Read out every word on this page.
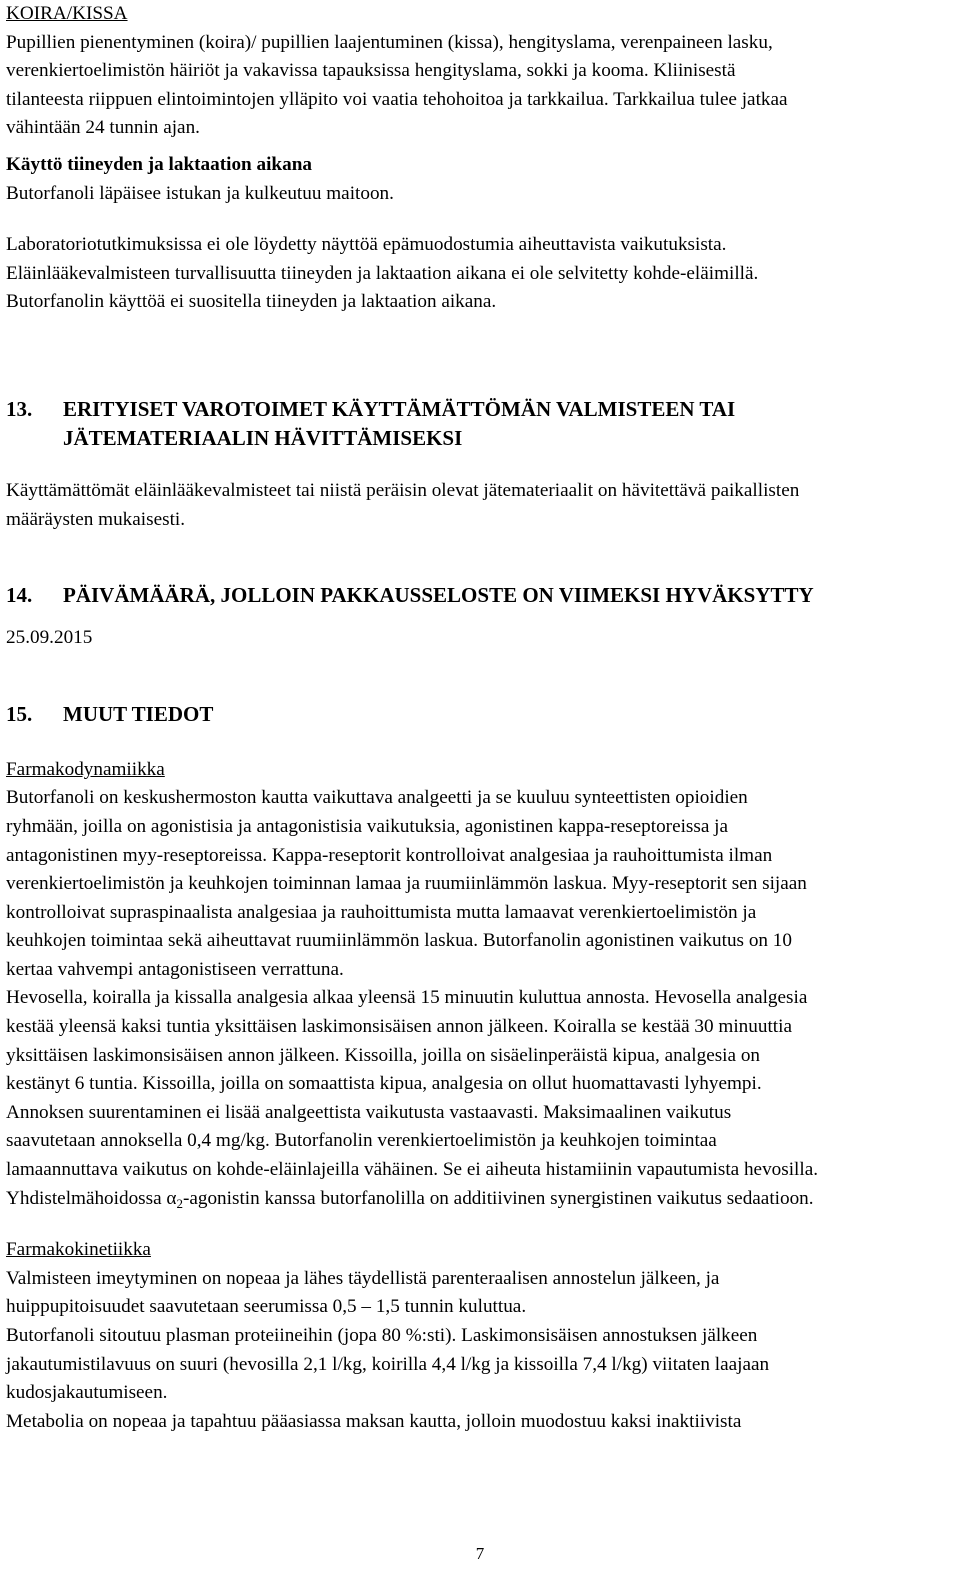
KOIRA/KISSA

Pupillien pienentyminen (koira)/ pupillien laajentuminen (kissa), hengityslama, verenpaineen lasku,

verenkiertoelimistön häiriöt ja vakavissa tapauksissa hengityslama, sokki ja kooma. Kliinisestä

tilanteesta riippuen elintoimintojen ylläpito voi vaatia tehohoitoa ja tarkkailua. Tarkkailua tulee jatkaa

vähintään 24 tunnin ajan.

Käyttö tiineyden ja laktaation aikana

Butorfanoli läpäisee istukan ja kulkeutuu maitoon.

Laboratoriotutkimuksissa ei ole löydetty näyttöä epämuodostumia aiheuttavista vaikutuksista.

Eläinlääkevalmisteen turvallisuutta tiineyden ja laktaation aikana ei ole selvitetty kohde-eläimillä.

Butorfanolin käyttöä ei suositella tiineyden ja laktaation aikana.

13.	ERITYISET VAROTOIMET KÄYTTÄMÄTTÖMÄN VALMISTEEN TAI
JÄTEMATERIAALIN HÄVITTÄMISEKSI

Käyttämättömät eläinlääkevalmisteet tai niistä peräisin olevat jätemateriaalit on hävitettävä paikallisten

määräysten mukaisesti.

14.	PÄIVÄMÄÄRÄ, JOLLOIN PAKKAUSSELOSTE ON VIIMEKSI HYVÄKSYTTY

25.09.2015

15.	MUUT TIEDOT

Farmakodynamiikka

Butorfanoli on keskushermoston kautta vaikuttava analgeetti ja se kuuluu synteettisten opioidien

ryhmään, joilla on agonistisia ja antagonistisia vaikutuksia, agonistinen kappa-reseptoreissa ja

antagonistinen myy-reseptoreissa. Kappa-reseptorit kontrolloivat analgesiaa ja rauhoittumista ilman

verenkiertoelimistön ja keuhkojen toiminnan lamaa ja ruumiinlämmön laskua. Myy-reseptorit sen sijaan

kontrolloivat supraspinaalista analgesiaa ja rauhoittumista mutta lamaavat verenkiertoelimistön ja

keuhkojen toimintaa sekä aiheuttavat ruumiinlämmön laskua. Butorfanolin agonistinen vaikutus on 10

kertaa vahvempi antagonistiseen verrattuna.

Hevosella, koiralla ja kissalla analgesia alkaa yleensä 15 minuutin kuluttua annosta. Hevosella analgesia

kestää yleensä kaksi tuntia yksittäisen laskimonsisäisen annon jälkeen. Koiralla se kestää 30 minuuttia

yksittäisen laskimonsisäisen annon jälkeen. Kissoilla, joilla on sisäelinperäistä kipua, analgesia on

kestänyt 6 tuntia. Kissoilla, joilla on somaattista kipua, analgesia on ollut huomattavasti lyhyempi.

Annoksen suurentaminen ei lisää analgeettista vaikutusta vastaavasti. Maksimaalinen vaikutus

saavutetaan annoksella 0,4 mg/kg. Butorfanolin verenkiertoelimistön ja keuhkojen toimintaa

lamaannuttava vaikutus on kohde-eläinlajeilla vähäinen. Se ei aiheuta histamiinin vapautumista hevosilla.

Yhdistelmähoidossa $\alpha_2$-agonistin kanssa butorfanolilla on additiivinen synergistinen vaikutus sedaatioon.

Farmakokinetiikka

Valmisteen imeytyminen on nopeaa ja lähes täydellistä parenteraalisen annostelun jälkeen, ja

huippupitoisuudet saavutetaan seerumissa 0,5 – 1,5 tunnin kuluttua.

Butorfanoli sitoutuu plasman proteiineihin (jopa 80 %:sti). Laskimonsisäisen annostuksen jälkeen

jakautumistilavuus on suuri (hevosilla 2,1 l/kg, koirilla 4,4 l/kg ja kissoilla 7,4 l/kg) viitaten laajaan

kudosjakautumiseen.

Metabolia on nopeaa ja tapahtuu pääasiassa maksan kautta, jolloin muodostuu kaksi inaktiivista

7
